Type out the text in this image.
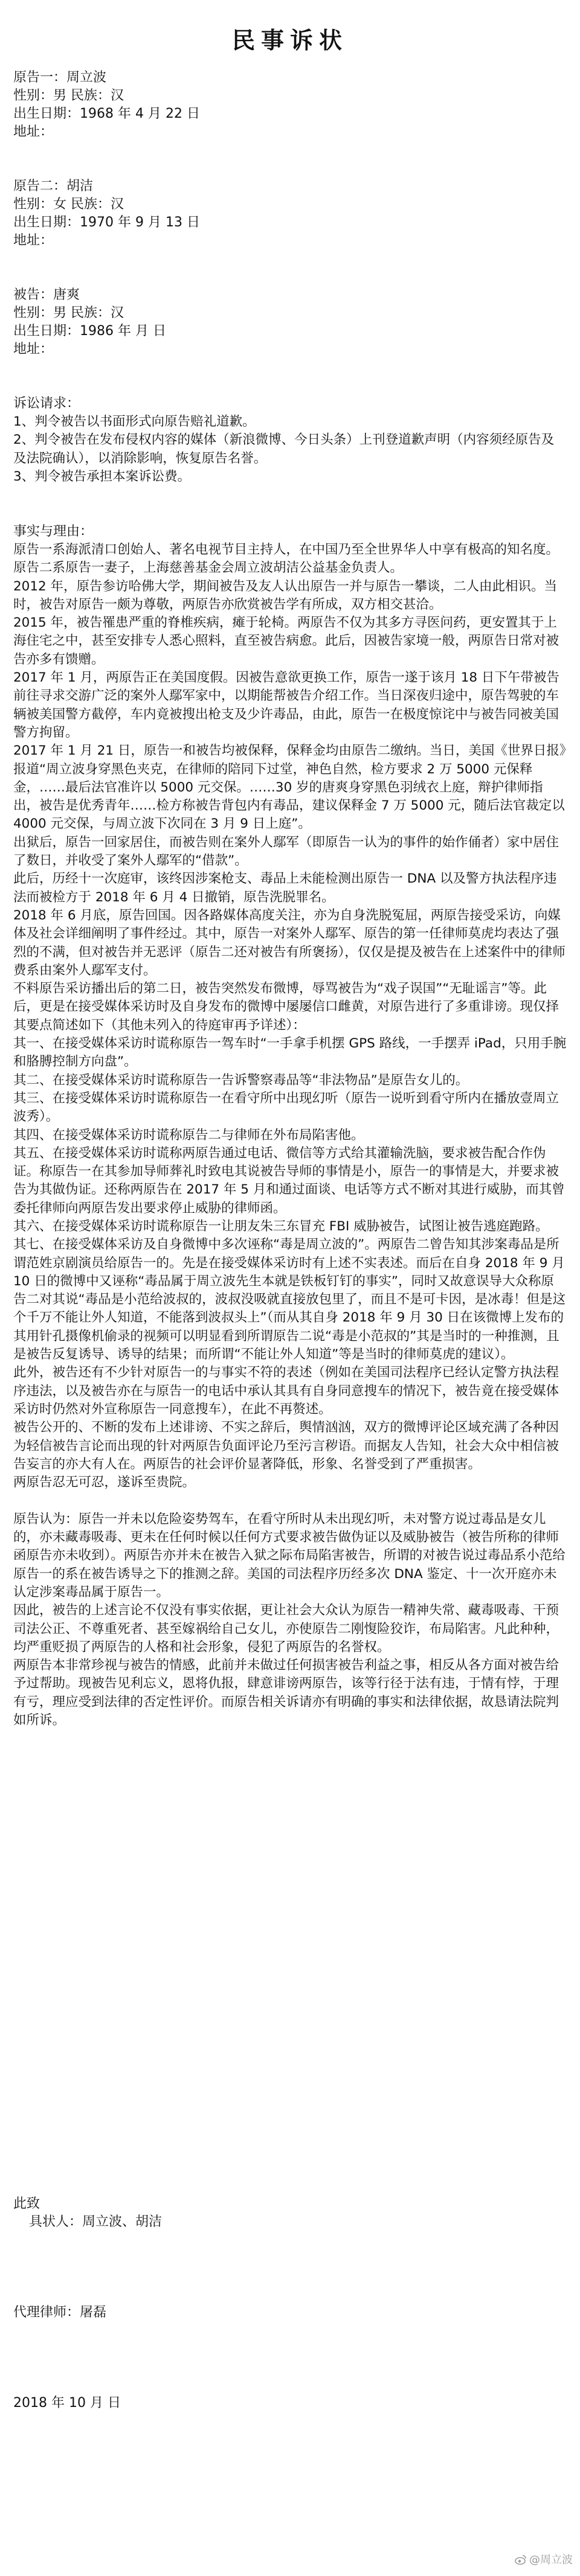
民事诉状
原告一：周立波
性别：男 民族：汉
出生日期：1968 年 4 月 22 日
地址：
原告二：胡洁
性别：女 民族：汉
出生日期：1970 年 9 月 13 日
地址：
被告：唐爽
性别：男 民族：汉
出生日期：1986 年 月 日
地址：
诉讼请求：

1、判令被告以书面形式向原告赔礼道歉。

2、判令被告在发布侵权内容的媒体（新浪微博、今日头条）上刊登道歉声明（内容须经原告及及法院确认），以消除影响，恢复原告名誉。

3、判令被告承担本案诉讼费。

事实与理由：

原告一系海派清口创始人、著名电视节目主持人，在中国乃至全世界华人中享有极高的知名度。原告二系原告一妻子，上海慈善基金会周立波胡洁公益基金负责人。

2012 年，原告参访哈佛大学，期间被告及友人认出原告一并与原告一攀谈，二人由此相识。当时，被告对原告一颇为尊敬，两原告亦欣赏被告学有所成，双方相交甚洽。

2015 年，被告罹患严重的脊椎疾病，瘫于轮椅。两原告不仅为其多方寻医问药，更安置其于上海住宅之中，甚至安排专人悉心照料，直至被告病愈。此后，因被告家境一般，两原告日常对被告亦多有馈赠。

2017 年 1 月，两原告正在美国度假。因被告意欲更换工作，原告一遂于该月 18 日下午带被告前往寻求交游广泛的案外人鄢军家中，以期能帮被告介绍工作。当日深夜归途中，原告驾驶的车辆被美国警方截停，车内竟被搜出枪支及少许毒品，由此，原告一在极度惊诧中与被告同被美国警方拘留。

2017 年 1 月 21 日，原告一和被告均被保释，保释金均由原告二缴纳。当日，美国《世界日报》报道“周立波身穿黑色夹克，在律师的陪同下过堂，神色自然，检方要求 2 万 5000 元保释金，……最后法官准许以 5000 元交保。……30 岁的唐爽身穿黑色羽绒衣上庭，辩护律师指出，被告是优秀青年……检方称被告背包内有毒品，建议保释金 7 万 5000 元，随后法官裁定以 4000 元交保，与周立波下次同在 3 月 9 日上庭”。

出狱后，原告一回家居住，而被告则在案外人鄢军（即原告一认为的事件的始作俑者）家中居住了数日，并收受了案外人鄢军的“借款”。

此后，历经十一次庭审，该终因涉案枪支、毒品上未能检测出原告一 DNA 以及警方执法程序违法而被检方于 2018 年 6 月 4 日撤销，原告洗脱罪名。

2018 年 6 月底，原告回国。因各路媒体高度关注，亦为自身洗脱冤屈，两原告接受采访，向媒体及社会详细阐明了事件经过。其中，原告一对案外人鄢军、原告的第一任律师莫虎均表达了强烈的不满，但对被告并无恶评（原告二还对被告有所褒扬），仅仅是提及被告在上述案件中的律师费系由案外人鄢军支付。

不料原告采访播出后的第二日，被告突然发布微博，辱骂被告为“戏子误国”“无耻谣言”等。此后，更是在接受媒体采访时及自身发布的微博中屡屡信口雌黄，对原告进行了多重诽谤。现仅择其要点简述如下（其他未列入的待庭审再予详述）：

其一、在接受媒体采访时谎称原告一驾车时“一手拿手机摆 GPS 路线，一手摆弄 iPad，只用手腕和胳膊控制方向盘”。

其二、在接受媒体采访时谎称原告一告诉警察毒品等“非法物品”是原告女儿的。

其三、在接受媒体采访时谎称原告一在看守所中出现幻听（原告一说听到看守所内在播放壹周立波秀）。

其四、在接受媒体采访时谎称原告二与律师在外布局陷害他。

其五、在接受媒体采访时谎称两原告通过电话、微信等方式给其灌输洗脑，要求被告配合作伪证。称原告一在其参加导师葬礼时致电其说被告导师的事情是小，原告一的事情是大，并要求被告为其做伪证。还称两原告在 2017 年 5 月和通过面谈、电话等方式不断对其进行威胁，而其曾委托律师向两原告发出要求停止威胁的律师函。

其六、在接受媒体采访时谎称原告一让朋友朱三东冒充 FBI 威胁被告，试图让被告逃庭跑路。

其七、在接受媒体采访及自身微博中多次诬称“毒是周立波的”。两原告二曾告知其涉案毒品是所谓范姓京剧演员给原告一的。先是在接受媒体采访时有上述不实表述。而后在自身 2018 年 9 月 10 日的微博中又诬称“毒品属于周立波先生本就是铁板钉钉的事实”，同时又故意误导大众称原告二对其说“毒品是小范给波叔的，波叔没吸就直接放包里了，而且不是可卡因，是冰毒！但是这个千万不能让外人知道，不能落到波叔头上”（而从其自身 2018 年 9 月 30 日在该微博上发布的其用针孔摄像机偷录的视频可以明显看到所谓原告二说“毒是小范叔的”其是当时的一种推测，且是被告反复诱导、诱导的结果；而所谓“不能让外人知道”等是当时的律师莫虎的建议）。

此外，被告还有不少针对原告一的与事实不符的表述（例如在美国司法程序已经认定警方执法程序违法，以及被告亦在与原告一的电话中承认其具有自身同意搜车的情况下，被告竟在接受媒体采访时仍然对外宣称原告一同意搜车），在此不再赘述。

被告公开的、不断的发布上述诽谤、不实之辞后，舆情汹汹，双方的微博评论区域充满了各种因为轻信被告言论而出现的针对两原告负面评论乃至污言秽语。而据友人告知，社会大众中相信被告妄言的亦大有人在。两原告的社会评价显著降低，形象、名誉受到了严重损害。

两原告忍无可忍，遂诉至贵院。

原告认为：原告一并未以危险姿势驾车，在看守所时从未出现幻听，未对警方说过毒品是女儿的，亦未藏毒吸毒、更未在任何时候以任何方式要求被告做伪证以及威胁被告（被告所称的律师函原告亦未收到）。两原告亦并未在被告入狱之际布局陷害被告，所谓的对被告说过毒品系小范给原告一的系在被告诱导之下的推测之辞。美国的司法程序历经多次 DNA 鉴定、十一次开庭亦未认定涉案毒品属于原告一。

因此，被告的上述言论不仅没有事实依据，更让社会大众认为原告一精神失常、藏毒吸毒、干预司法公正、不尊重死者、甚至嫁祸给自己女儿，亦使原告二刚愎险狡诈，布局陷害。凡此种种，均严重贬损了两原告的人格和社会形象，侵犯了两原告的名誉权。

两原告本非常珍视与被告的情感，此前并未做过任何损害被告利益之事，相反从各方面对被告给予过帮助。现被告见利忘义，恩将仇报，肆意诽谤两原告，该等行径于法有违，于情有悖，于理有亏，理应受到法律的否定性评价。而原告相关诉请亦有明确的事实和法律依据，故恳请法院判如所诉。

此致
具状人：周立波、胡洁
代理律师：屠磊
2018 年 10 月 日
@周立波
